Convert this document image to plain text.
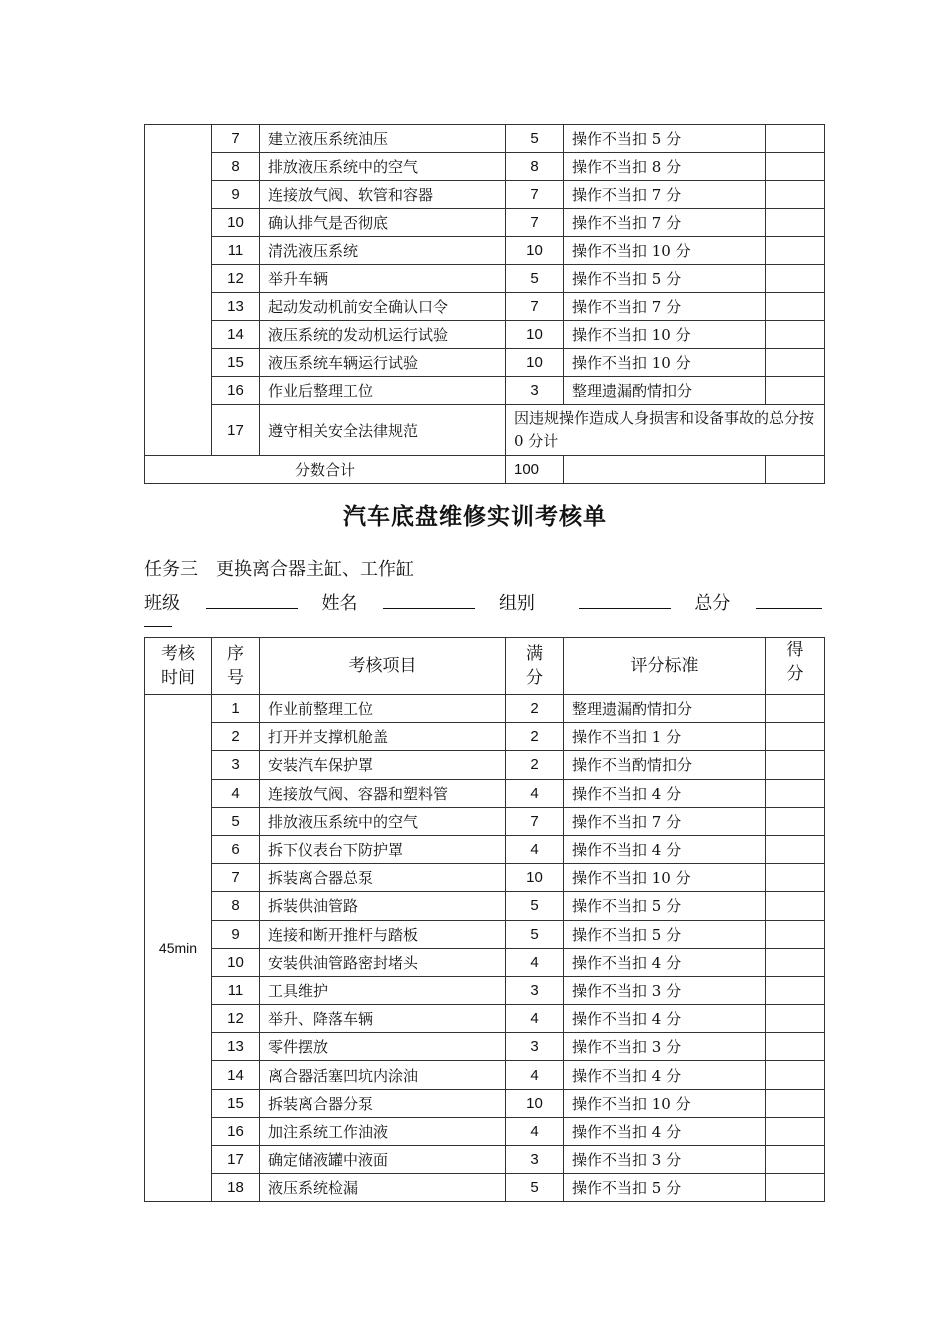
	7	建立液压系统油压	5	操作不当扣 5 分	
	8	排放液压系统中的空气	8	操作不当扣 8 分	
	9	连接放气阀、软管和容器	7	操作不当扣 7 分	
	10	确认排气是否彻底	7	操作不当扣 7 分	
	11	清洗液压系统	10	操作不当扣 10 分	
	12	举升车辆	5	操作不当扣 5 分	
	13	起动发动机前安全确认口令	7	操作不当扣 7 分	
	14	液压系统的发动机运行试验	10	操作不当扣 10 分	
	15	液压系统车辆运行试验	10	操作不当扣 10 分	
	16	作业后整理工位	3	整理遗漏酌情扣分	
	17	遵守相关安全法律规范	因违规操作造成人身损害和设备事故的总分按 0 分计		
分数合计			100		
汽车底盘维修实训考核单
任务三 更换离合器主缸、工作缸
班级	姓名	组别	总分
考核时间	序号	考核项目	满分	评分标准	得分
45min	1	作业前整理工位	2	整理遗漏酌情扣分	
	2	打开并支撑机舱盖	2	操作不当扣 1 分	
	3	安装汽车保护罩	2	操作不当酌情扣分	
	4	连接放气阀、容器和塑料管	4	操作不当扣 4 分	
	5	排放液压系统中的空气	7	操作不当扣 7 分	
	6	拆下仪表台下防护罩	4	操作不当扣 4 分	
	7	拆装离合器总泵	10	操作不当扣 10 分	
	8	拆装供油管路	5	操作不当扣 5 分	
	9	连接和断开推杆与踏板	5	操作不当扣 5 分	
	10	安装供油管路密封堵头	4	操作不当扣 4 分	
	11	工具维护	3	操作不当扣 3 分	
	12	举升、降落车辆	4	操作不当扣 4 分	
	13	零件摆放	3	操作不当扣 3 分	
	14	离合器活塞凹坑内涂油	4	操作不当扣 4 分	
	15	拆装离合器分泵	10	操作不当扣 10 分	
	16	加注系统工作油液	4	操作不当扣 4 分	
	17	确定储液罐中液面	3	操作不当扣 3 分	
	18	液压系统检漏	5	操作不当扣 5 分	
